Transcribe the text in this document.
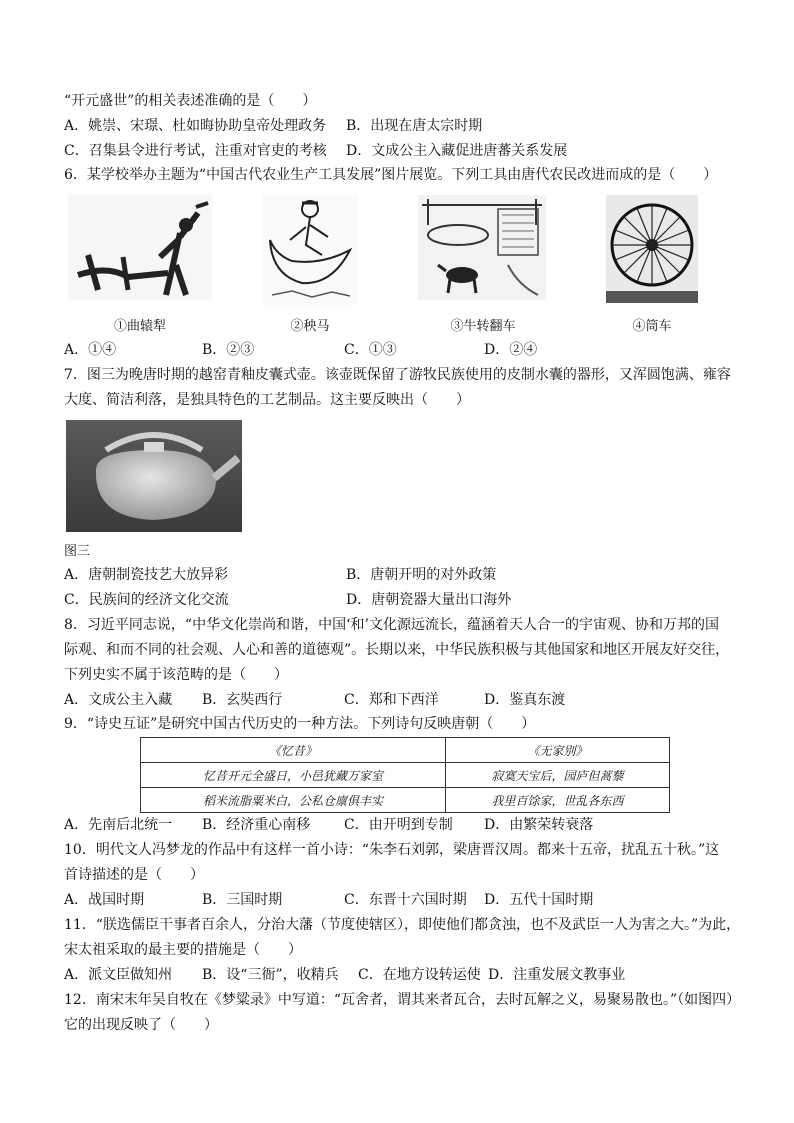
“开元盛世”的相关表述准确的是（　　）
A．姚崇、宋璟、杜如晦协助皇帝处理政务 B．出现在唐太宗时期
C．召集县令进行考试，注重对官吏的考核 D．文成公主入藏促进唐蕃关系发展
6．某学校举办主题为“中国古代农业生产工具发展”图片展览。下列工具由唐代农民改进而成的是（　　）
①曲辕犁	②秧马	③牛转翻车	④筒车
A．①④	B．②③	C．①③	D．②④
7．图三为晚唐时期的越窑青釉皮囊式壶。该壶既保留了游牧民族使用的皮制水囊的器形，又浑圆饱满、雍容
大度、简洁利落，是独具特色的工艺制品。这主要反映出（　　）
图三
A．唐朝制瓷技艺大放异彩	B．唐朝开明的对外政策
C．民族间的经济文化交流	D．唐朝瓷器大量出口海外
8．习近平同志说，“中华文化崇尚和谐，中国‘和’文化源远流长，蕴涵着天人合一的宇宙观、协和万邦的国
际观、和而不同的社会观、人心和善的道德观”。长期以来，中华民族积极与其他国家和地区开展友好交往，
下列史实不属于该范畴的是（　　）
A．文成公主入藏 B．玄奘西行	C．郑和下西洋	D．鉴真东渡
9．“诗史互证”是研究中国古代历史的一种方法。下列诗句反映唐朝（　　）
《忆昔》	《无家别》
忆昔开元全盛日，小邑犹藏万家室	寂寞天宝后，园庐但蒿藜
稻米流脂粟米白，公私仓廪俱丰实	我里百馀家，世乱各东西
A．先南后北统一 B．经济重心南移 C．由开明到专制 D．由繁荣转衰落
10．明代文人冯梦龙的作品中有这样一首小诗：“朱李石刘郭，梁唐晋汉周。都来十五帝，扰乱五十秋。”这
首诗描述的是（　　）
A．战国时期	B．三国时期	C．东晋十六国时期 D．五代十国时期
11．“朕选儒臣干事者百余人，分治大藩（节度使辖区），即使他们都贪浊，也不及武臣一人为害之大。”为此，
宋太祖采取的最主要的措施是（　　）
A．派文臣做知州 B．设“三衙”，收精兵 C．在地方设转运使 D．注重发展文教事业
12．南宋末年吴自牧在《梦粱录》中写道：“瓦舍者，谓其来者瓦合，去时瓦解之义，易聚易散也。”（如图四）
它的出现反映了（　　）
